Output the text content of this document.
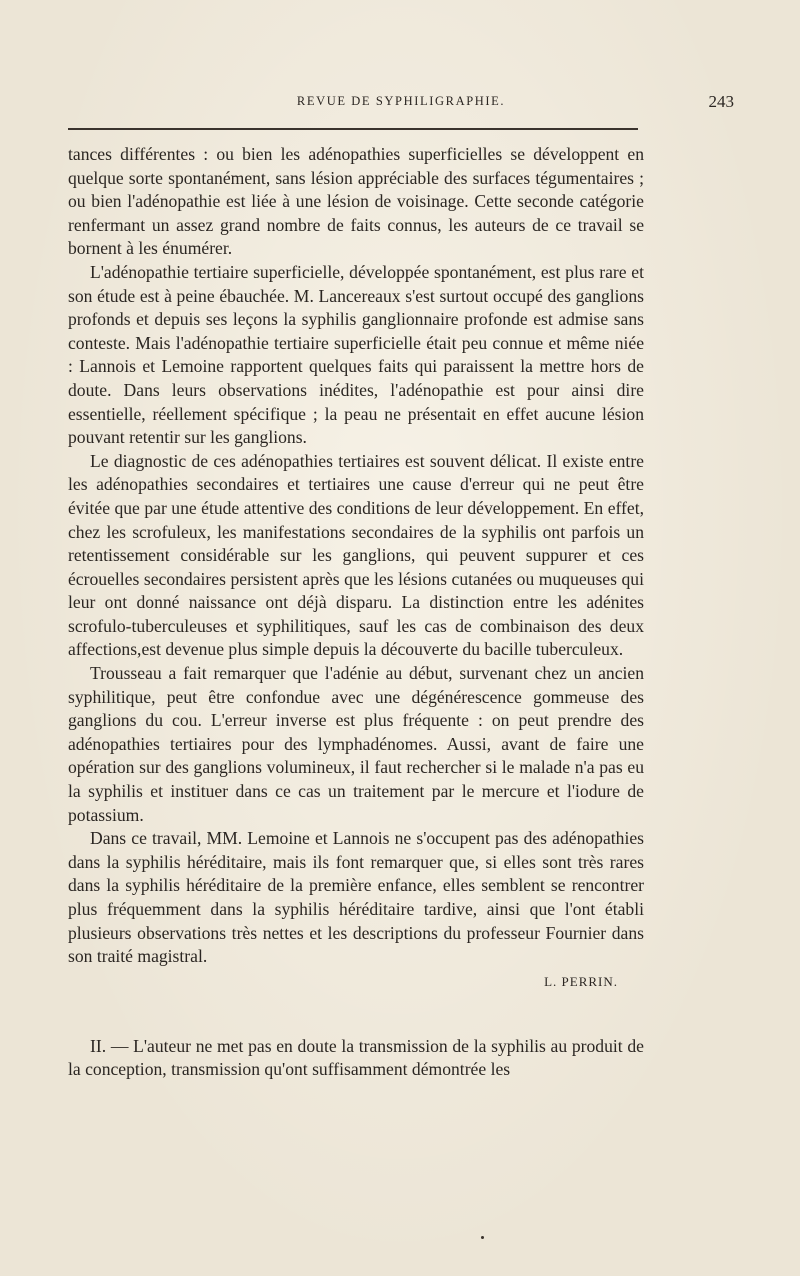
REVUE DE SYPHILIGRAPHIE.	243

tances différentes : ou bien les adénopathies superficielles se développent en quelque sorte spontanément, sans lésion appréciable des surfaces tégumentaires ; ou bien l'adénopathie est liée à une lésion de voisinage. Cette seconde catégorie renfermant un assez grand nombre de faits connus, les auteurs de ce travail se bornent à les énumérer.

L'adénopathie tertiaire superficielle, développée spontanément, est plus rare et son étude est à peine ébauchée. M. Lancereaux s'est surtout occupé des ganglions profonds et depuis ses leçons la syphilis ganglionnaire profonde est admise sans conteste. Mais l'adénopathie tertiaire superficielle était peu connue et même niée : Lannois et Lemoine rapportent quelques faits qui paraissent la mettre hors de doute. Dans leurs observations inédites, l'adénopathie est pour ainsi dire essentielle, réellement spécifique ; la peau ne présentait en effet aucune lésion pouvant retentir sur les ganglions.

Le diagnostic de ces adénopathies tertiaires est souvent délicat. Il existe entre les adénopathies secondaires et tertiaires une cause d'erreur qui ne peut être évitée que par une étude attentive des conditions de leur développement. En effet, chez les scrofuleux, les manifestations secondaires de la syphilis ont parfois un retentissement considérable sur les ganglions, qui peuvent suppurer et ces écrouelles secondaires persistent après que les lésions cutanées ou muqueuses qui leur ont donné naissance ont déjà disparu. La distinction entre les adénites scrofulo-tuberculeuses et syphilitiques, sauf les cas de combinaison des deux affections,est devenue plus simple depuis la découverte du bacille tuberculeux.

Trousseau a fait remarquer que l'adénie au début, survenant chez un ancien syphilitique, peut être confondue avec une dégénérescence gommeuse des ganglions du cou. L'erreur inverse est plus fréquente : on peut prendre des adénopathies tertiaires pour des lymphadénomes. Aussi, avant de faire une opération sur des ganglions volumineux, il faut rechercher si le malade n'a pas eu la syphilis et instituer dans ce cas un traitement par le mercure et l'iodure de potassium.

Dans ce travail, MM. Lemoine et Lannois ne s'occupent pas des adénopathies dans la syphilis héréditaire, mais ils font remarquer que, si elles sont très rares dans la syphilis héréditaire de la première enfance, elles semblent se rencontrer plus fréquemment dans la syphilis héréditaire tardive, ainsi que l'ont établi plusieurs observations très nettes et les descriptions du professeur Fournier dans son traité magistral.

L. PERRIN.

II. — L'auteur ne met pas en doute la transmission de la syphilis au produit de la conception, transmission qu'ont suffisamment démontrée les
